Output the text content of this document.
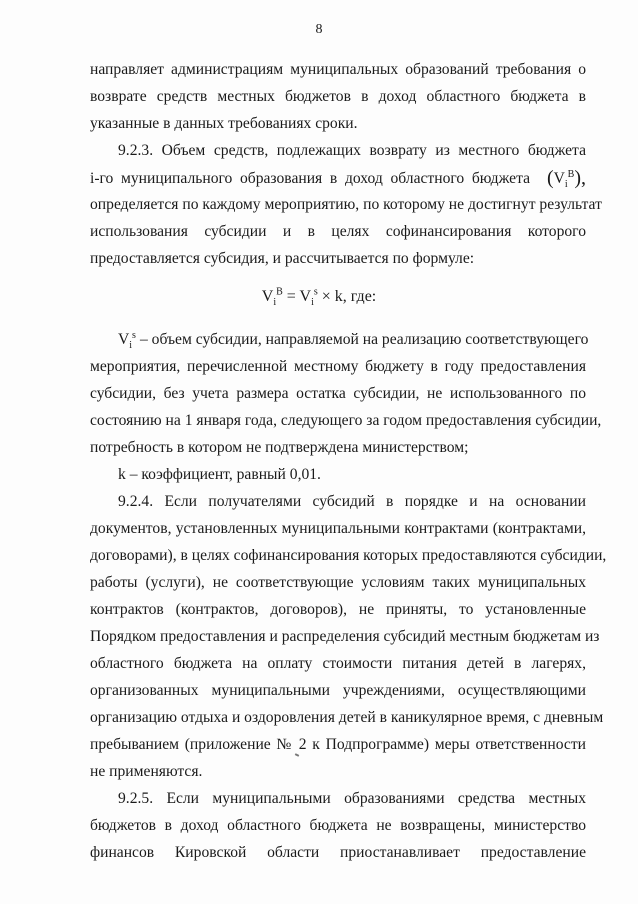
8
направляет администрациям муниципальных образований требования о
возврате средств местных бюджетов в доход областного бюджета в
указанные в данных требованиях сроки.
9.2.3. Объем средств, подлежащих возврату из местного бюджета
i-го муниципального образования в доход областного бюджета $(V_i^B)$,
определяется по каждому мероприятию, по которому не достигнут результат
использования субсидии и в целях софинансирования которого
предоставляется субсидия, и рассчитывается по формуле:
$V_i^B = V_i^s \times k$, где:
$V_i^s$ – объем субсидии, направляемой на реализацию соответствующего
мероприятия, перечисленной местному бюджету в году предоставления
субсидии, без учета размера остатка субсидии, не использованного по
состоянию на 1 января года, следующего за годом предоставления субсидии,
потребность в котором не подтверждена министерством;
k – коэффициент, равный 0,01.
9.2.4. Если получателями субсидий в порядке и на основании
документов, установленных муниципальными контрактами (контрактами,
договорами), в целях софинансирования которых предоставляются субсидии,
работы (услуги), не соответствующие условиям таких муниципальных
контрактов (контрактов, договоров), не приняты, то установленные
Порядком предоставления и распределения субсидий местным бюджетам из
областного бюджета на оплату стоимости питания детей в лагерях,
организованных муниципальными учреждениями, осуществляющими
организацию отдыха и оздоровления детей в каникулярное время, с дневным
пребыванием (приложение № 2 к Подпрограмме) меры ответственности
не применяются.
9.2.5. Если муниципальными образованиями средства местных
бюджетов в доход областного бюджета не возвращены, министерство
финансов Кировской области приостанавливает предоставление
